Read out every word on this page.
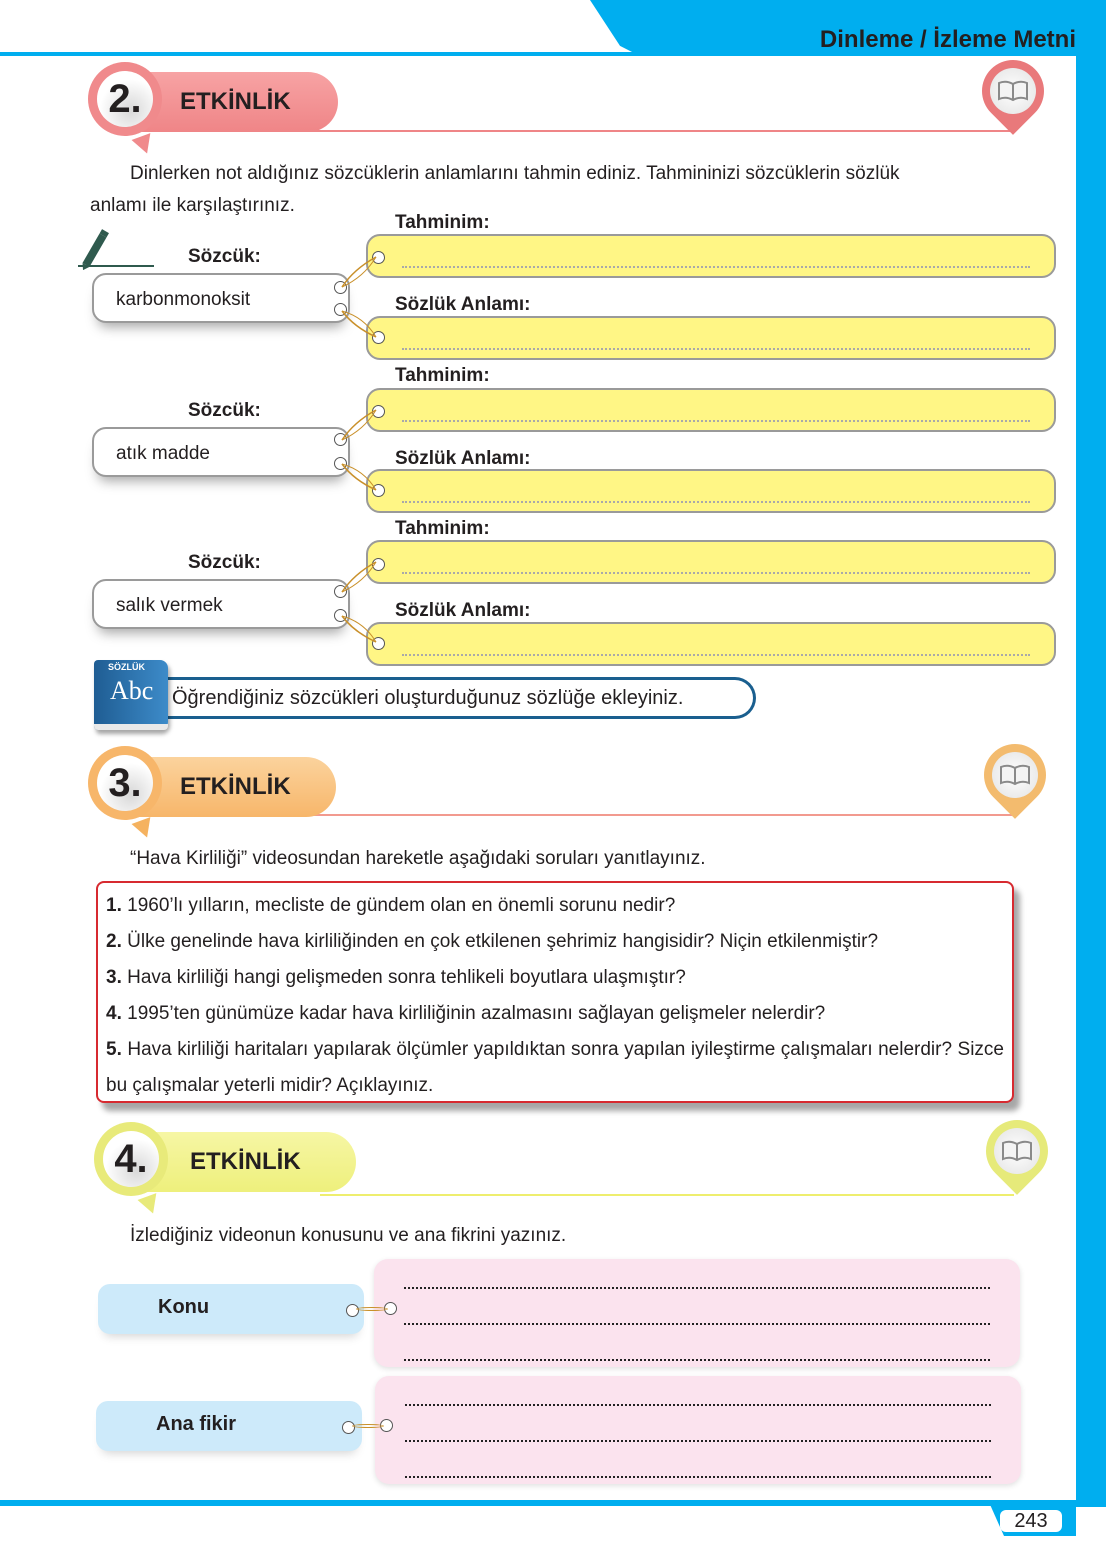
Dinleme / İzleme Metni
243
ETKİNLİK
2.
Dinlerken not aldığınız sözcüklerin anlamlarını tahmin ediniz. Tahmininizi sözcüklerin sözlük
anlamı ile karşılaştırınız.
Sözcük:
karbonmonoksit
Tahminim:
Sözlük Anlamı:
Sözcük:
atık madde
Tahminim:
Sözlük Anlamı:
Sözcük:
salık vermek
Tahminim:
Sözlük Anlamı:
Öğrendiğiniz sözcükleri oluşturduğunuz sözlüğe ekleyiniz.
SÖZLÜK
Abc
ETKİNLİK
3.
“Hava Kirliliği” videosundan hareketle aşağıdaki soruları yanıtlayınız.
1. 1960’lı yılların, mecliste de gündem olan en önemli sorunu nedir?
2. Ülke genelinde hava kirliliğinden en çok etkilenen şehrimiz hangisidir? Niçin etkilenmiştir?
3. Hava kirliliği hangi gelişmeden sonra tehlikeli boyutlara ulaşmıştır?
4. 1995’ten günümüze kadar hava kirliliğinin azalmasını sağlayan gelişmeler nelerdir?
5. Hava kirliliği haritaları yapılarak ölçümler yapıldıktan sonra yapılan iyileştirme çalışmaları nelerdir? Sizce bu çalışmalar yeterli midir? Açıklayınız.
ETKİNLİK
4.
İzlediğiniz videonun konusunu ve ana fikrini yazınız.
Konu
Ana fikir
